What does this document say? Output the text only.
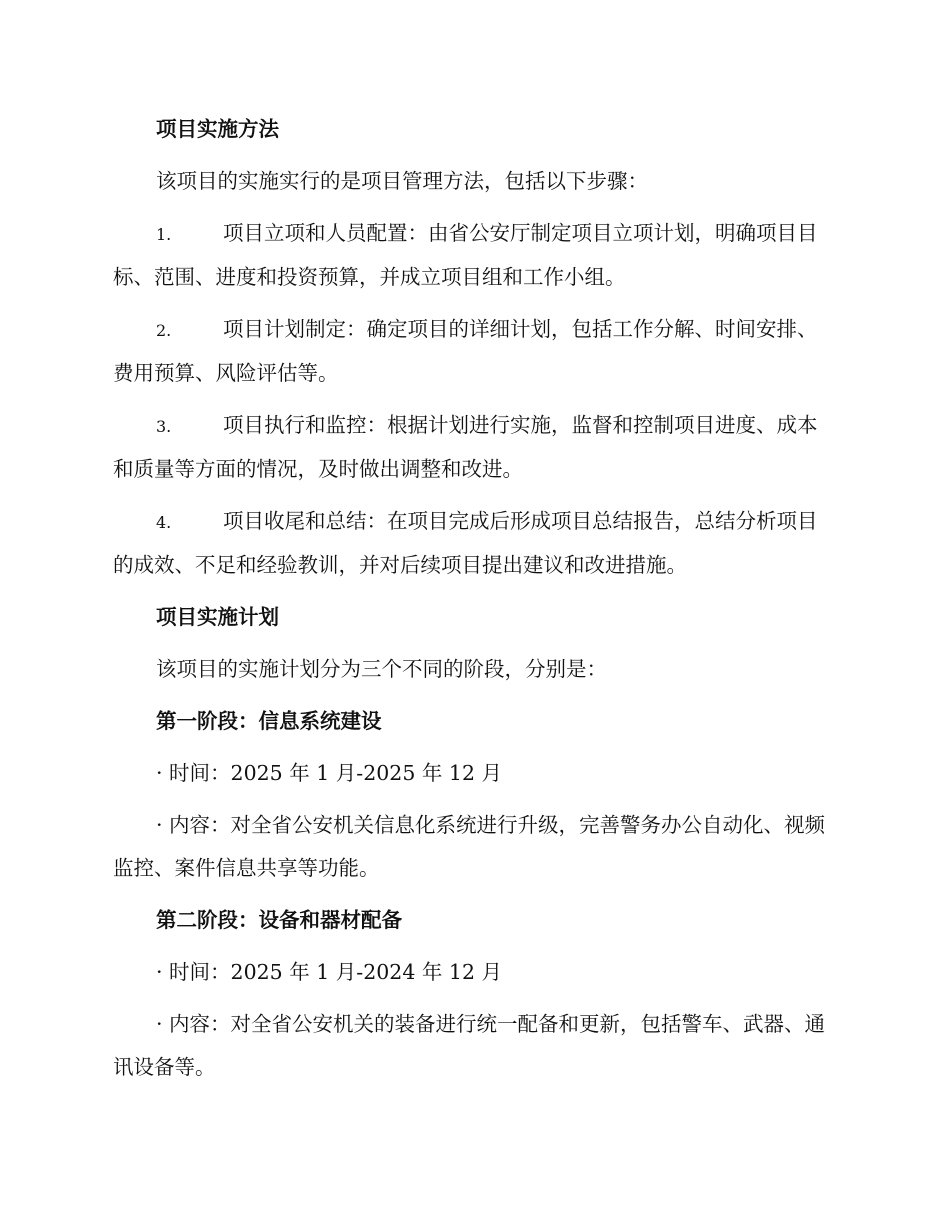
项目实施方法

该项目的实施实行的是项目管理方法，包括以下步骤：

1.	项目立项和人员配置：由省公安厅制定项目立项计划，明确项目目标、范围、进度和投资预算，并成立项目组和工作小组。

2.	项目计划制定：确定项目的详细计划，包括工作分解、时间安排、费用预算、风险评估等。

3.	项目执行和监控：根据计划进行实施，监督和控制项目进度、成本和质量等方面的情况，及时做出调整和改进。

4.	项目收尾和总结：在项目完成后形成项目总结报告，总结分析项目的成效、不足和经验教训，并对后续项目提出建议和改进措施。

项目实施计划

该项目的实施计划分为三个不同的阶段，分别是：

第一阶段：信息系统建设

· 时间：2025 年 1 月-2025 年 12 月

· 内容：对全省公安机关信息化系统进行升级，完善警务办公自动化、视频监控、案件信息共享等功能。

第二阶段：设备和器材配备

· 时间：2025 年 1 月-2024 年 12 月

· 内容：对全省公安机关的装备进行统一配备和更新，包括警车、武器、通讯设备等。
